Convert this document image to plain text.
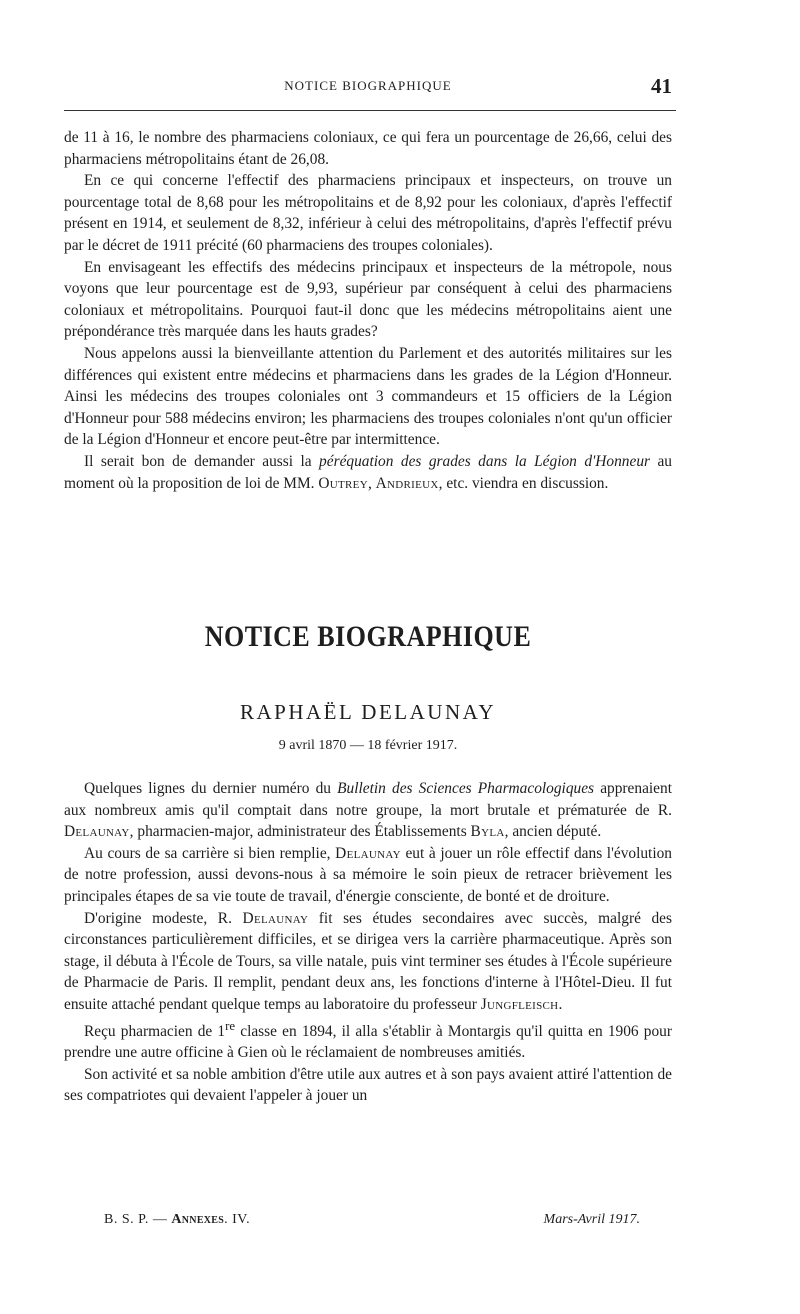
NOTICE BIOGRAPHIQUE	41

de 11 à 16, le nombre des pharmaciens coloniaux, ce qui fera un pourcentage de 26,66, celui des pharmaciens métropolitains étant de 26,08.

En ce qui concerne l'effectif des pharmaciens principaux et inspecteurs, on trouve un pourcentage total de 8,68 pour les métropolitains et de 8,92 pour les coloniaux, d'après l'effectif présent en 1914, et seulement de 8,32, inférieur à celui des métropolitains, d'après l'effectif prévu par le décret de 1911 précité (60 pharmaciens des troupes coloniales).

En envisageant les effectifs des médecins principaux et inspecteurs de la métropole, nous voyons que leur pourcentage est de 9,93, supérieur par conséquent à celui des pharmaciens coloniaux et métropolitains. Pourquoi faut-il donc que les médecins métropolitains aient une prépondérance très marquée dans les hauts grades?

Nous appelons aussi la bienveillante attention du Parlement et des autorités militaires sur les différences qui existent entre médecins et pharmaciens dans les grades de la Légion d'Honneur. Ainsi les médecins des troupes coloniales ont 3 commandeurs et 15 officiers de la Légion d'Honneur pour 588 médecins environ; les pharmaciens des troupes coloniales n'ont qu'un officier de la Légion d'Honneur et encore peut-être par intermittence.

Il serait bon de demander aussi la péréquation des grades dans la Légion d'Honneur au moment où la proposition de loi de MM. Outrey, Andrieux, etc. viendra en discussion.

NOTICE BIOGRAPHIQUE
RAPHAËL DELAUNAY
9 avril 1870 — 18 février 1917.

Quelques lignes du dernier numéro du Bulletin des Sciences Pharmacologiques apprenaient aux nombreux amis qu'il comptait dans notre groupe, la mort brutale et prématurée de R. Delaunay, pharmacien-major, administrateur des Établissements Byla, ancien député.

Au cours de sa carrière si bien remplie, Delaunay eut à jouer un rôle effectif dans l'évolution de notre profession, aussi devons-nous à sa mémoire le soin pieux de retracer brièvement les principales étapes de sa vie toute de travail, d'énergie consciente, de bonté et de droiture.

D'origine modeste, R. Delaunay fit ses études secondaires avec succès, malgré des circonstances particulièrement difficiles, et se dirigea vers la carrière pharmaceutique. Après son stage, il débuta à l'École de Tours, sa ville natale, puis vint terminer ses études à l'École supérieure de Pharmacie de Paris. Il remplit, pendant deux ans, les fonctions d'interne à l'Hôtel-Dieu. Il fut ensuite attaché pendant quelque temps au laboratoire du professeur Jungfleisch.

Reçu pharmacien de 1re classe en 1894, il alla s'établir à Montargis qu'il quitta en 1906 pour prendre une autre officine à Gien où le réclamaient de nombreuses amitiés.

Son activité et sa noble ambition d'être utile aux autres et à son pays avaient attiré l'attention de ses compatriotes qui devaient l'appeler à jouer un

B. S. P. — Annexes. IV.	Mars-Avril 1917.
